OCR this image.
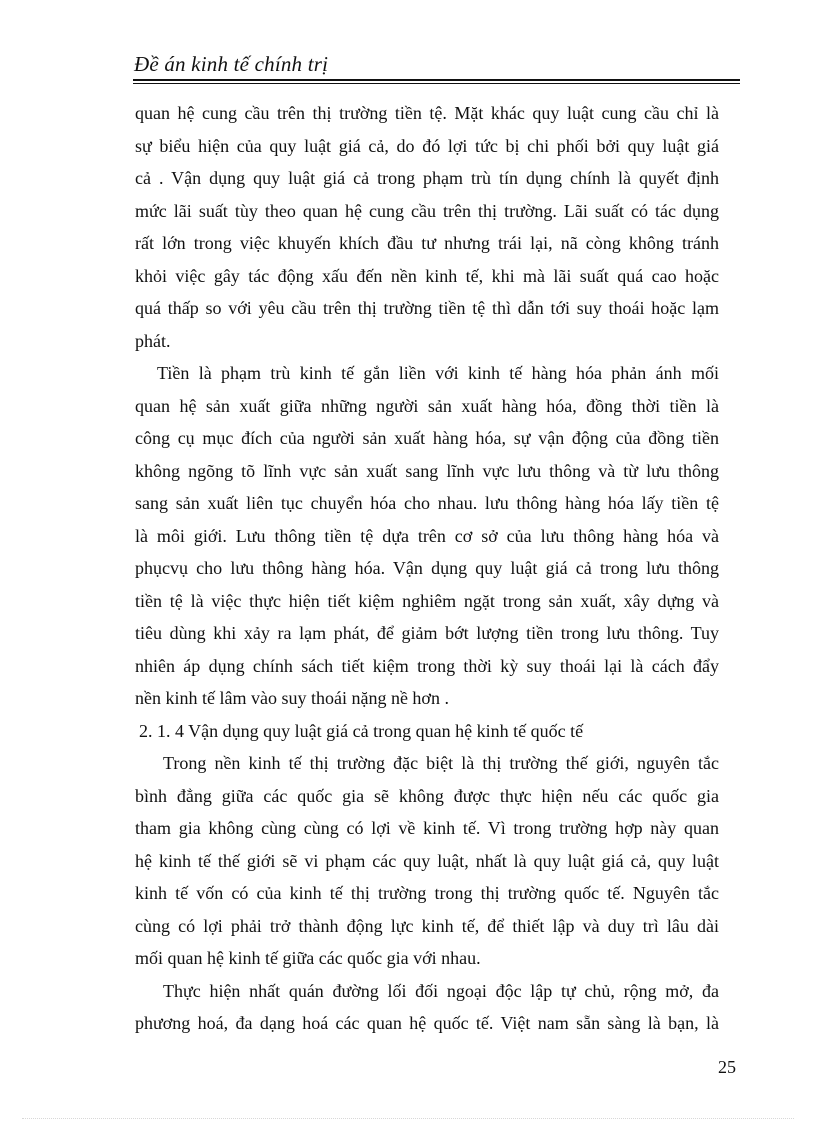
Đề án kinh tế chính trị

quan hệ cung cầu trên thị trường tiền tệ. Mặt khác quy luật cung cầu chỉ là
sự biểu hiện của quy luật giá cả, do đó lợi tức bị chi phối bởi quy luật giá
cả . Vận dụng quy luật giá cả trong phạm trù tín dụng chính là quyết định
mức lãi suất tùy theo quan hệ cung cầu trên thị trường. Lãi suất có tác dụng
rất lớn trong việc khuyến khích đầu tư nhưng trái lại, nã còng không tránh
khỏi việc gây tác động xấu đến nền kinh tế, khi mà lãi suất quá cao hoặc
quá thấp so với yêu cầu trên thị trường tiền tệ thì dẫn tới suy thoái hoặc lạm
phát.
Tiền là phạm trù kinh tế gắn liền với kinh tế hàng hóa phản ánh mối
quan hệ sản xuất giữa những người sản xuất hàng hóa, đồng thời tiền là
công cụ mục đích của người sản xuất hàng hóa, sự vận động của đồng tiền
không ngõng tõ lĩnh vực sản xuất sang lĩnh vực lưu thông và từ lưu thông
sang sản xuất liên tục chuyển hóa cho nhau. lưu thông hàng hóa lấy tiền tệ
là môi giới. Lưu thông tiền tệ dựa trên cơ sở của lưu thông hàng hóa và
phụcvụ cho lưu thông hàng hóa. Vận dụng quy luật giá cả trong lưu thông
tiền tệ là việc thực hiện tiết kiệm nghiêm ngặt trong sản xuất, xây dựng và
tiêu dùng khi xảy ra lạm phát, để giảm bớt lượng tiền trong lưu thông. Tuy
nhiên áp dụng chính sách tiết kiệm trong thời kỳ suy thoái lại là cách đẩy
nền kinh tế lâm vào suy thoái nặng nề hơn .
2. 1. 4 Vận dụng quy luật giá cả trong quan hệ kinh tế quốc tế
Trong nền kinh tế thị trường đặc biệt là thị trường thế giới, nguyên tắc
bình đẳng giữa các quốc gia sẽ không được thực hiện nếu các quốc gia
tham gia không cùng cùng có lợi về kinh tế. Vì trong trường hợp này quan
hệ kinh tế thế giới sẽ vi phạm các quy luật, nhất là quy luật giá cả, quy luật
kinh tế vốn có của kinh tế thị trường trong thị trường quốc tế. Nguyên tắc
cùng có lợi phải trở thành động lực kinh tế, để thiết lập và duy trì lâu dài
mối quan hệ kinh tế giữa các quốc gia với nhau.
Thực hiện nhất quán đường lối đối ngoại độc lập tự chủ, rộng mở, đa
phương hoá, đa dạng hoá các quan hệ quốc tế. Việt nam sẵn sàng là bạn, là

25
